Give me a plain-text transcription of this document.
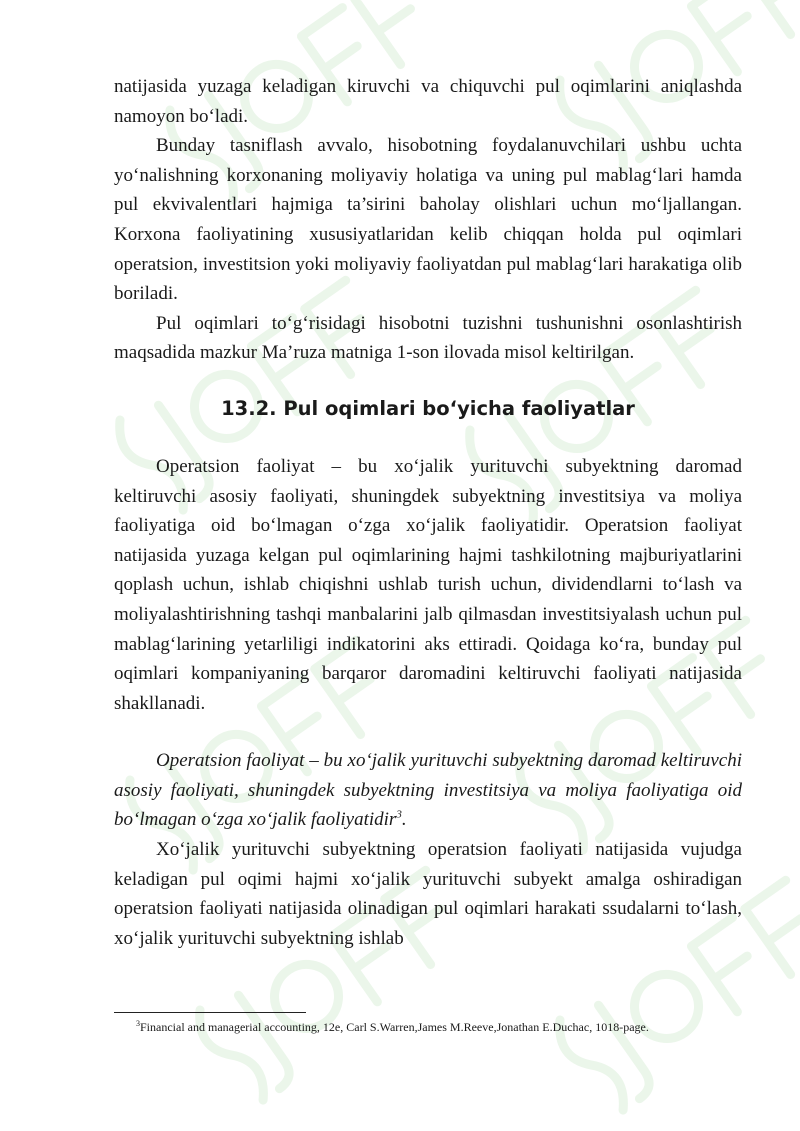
natijasida yuzaga keladigan kiruvchi va chiquvchi pul oqimlarini aniqlashda namoyon bo‘ladi.

Bunday tasniflash avvalo, hisobotning foydalanuvchilari ushbu uchta yo‘nalishning korxonaning moliyaviy holatiga va uning pul mablag‘lari hamda pul ekvivalentlari hajmiga ta’sirini baholay olishlari uchun mo‘ljallangan. Korxona faoliyatining xususiyatlaridan kelib chiqqan holda pul oqimlari operatsion, investitsion yoki moliyaviy faoliyatdan pul mablag‘lari harakatiga olib boriladi.

Pul oqimlari to‘g‘risidagi hisobotni tuzishni tushunishni osonlashtirish maqsadida mazkur Ma’ruza matniga 1-son ilovada misol keltirilgan.

13.2. Pul oqimlari bo‘yicha faoliyatlar

Operatsion faoliyat – bu xo‘jalik yurituvchi subyektning daromad keltiruvchi asosiy faoliyati, shuningdek subyektning investitsiya va moliya faoliyatiga oid bo‘lmagan o‘zga xo‘jalik faoliyatidir. Operatsion faoliyat natijasida yuzaga kelgan pul oqimlarining hajmi tashkilotning majburiyatlarini qoplash uchun, ishlab chiqishni ushlab turish uchun, dividendlarni to‘lash va moliyalashtirishning tashqi manbalarini jalb qilmasdan investitsiyalash uchun pul mablag‘larining yetarliligi indikatorini aks ettiradi. Qoidaga ko‘ra, bunday pul oqimlari kompaniyaning barqaror daromadini keltiruvchi faoliyati natijasida shakllanadi.

Operatsion faoliyat – bu xo‘jalik yurituvchi subyektning daromad keltiruvchi asosiy faoliyati, shuningdek subyektning investitsiya va moliya faoliyatiga oid bo‘lmagan o‘zga xo‘jalik faoliyatidir$^3$.

Xo‘jalik yurituvchi subyektning operatsion faoliyati natijasida vujudga keladigan pul oqimi hajmi xo‘jalik yurituvchi subyekt amalga oshiradigan operatsion faoliyati natijasida olinadigan pul oqimlari harakati ssudalarni to‘lash, xo‘jalik yurituvchi subyektning ishlab

$^3$Financial and managerial accounting, 12e, Carl S.Warren,James M.Reeve,Jonathan E.Duchac, 1018-page.
